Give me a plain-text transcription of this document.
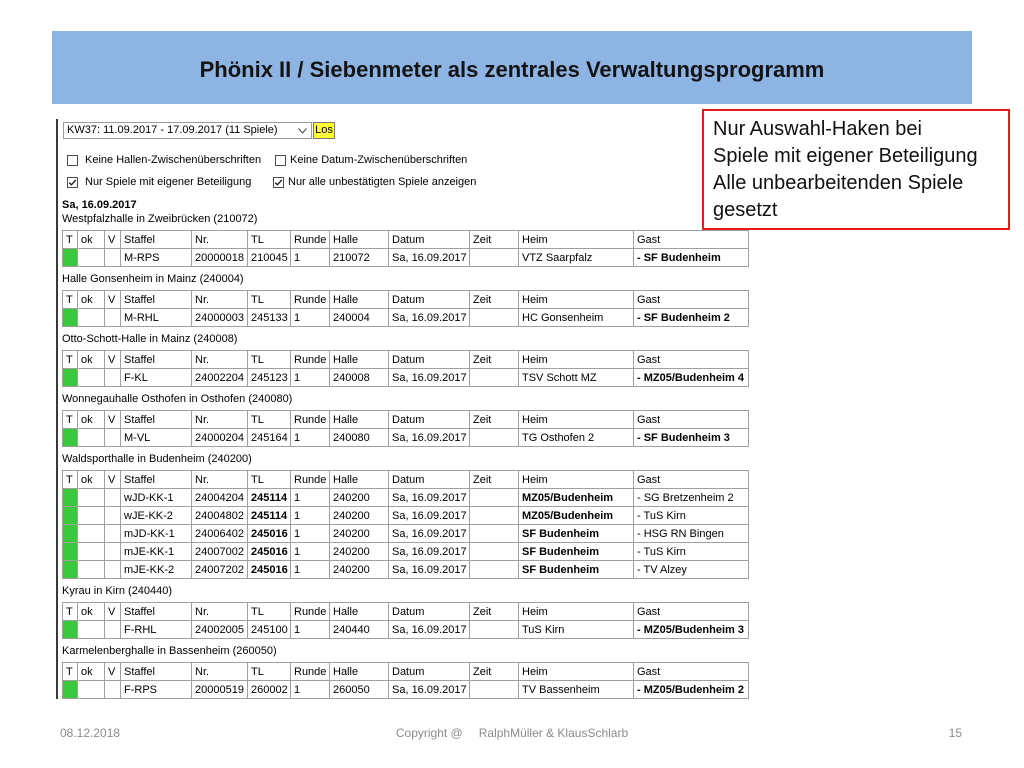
Phönix II / Siebenmeter als zentrales Verwaltungsprogramm
KW37: 11.09.2017 - 17.09.2017 (11 Spiele)	Los
Keine Hallen-Zwischenüberschriften	Keine Datum-Zwischenüberschriften
Nur Spiele mit eigener Beteiligung	Nur alle unbestätigten Spiele anzeigen
Sa, 16.09.2017
Westpfalzhalle in Zweibrücken (210072)
T	ok	V	Staffel	Nr.	TL	Runde	Halle	Datum	Zeit	Heim	Gast
			M-RPS	20000018	210045	1	210072	Sa, 16.09.2017		VTZ Saarpfalz	- SF Budenheim
Halle Gonsenheim in Mainz (240004)
T	ok	V	Staffel	Nr.	TL	Runde	Halle	Datum	Zeit	Heim	Gast
			M-RHL	24000003	245133	1	240004	Sa, 16.09.2017		HC Gonsenheim	- SF Budenheim 2
Otto-Schott-Halle in Mainz (240008)
T	ok	V	Staffel	Nr.	TL	Runde	Halle	Datum	Zeit	Heim	Gast
			F-KL	24002204	245123	1	240008	Sa, 16.09.2017		TSV Schott MZ	- MZ05/Budenheim 4
Wonnegauhalle Osthofen in Osthofen (240080)
T	ok	V	Staffel	Nr.	TL	Runde	Halle	Datum	Zeit	Heim	Gast
			M-VL	24000204	245164	1	240080	Sa, 16.09.2017		TG Osthofen 2	- SF Budenheim 3
Waldsporthalle in Budenheim (240200)
T	ok	V	Staffel	Nr.	TL	Runde	Halle	Datum	Zeit	Heim	Gast
			wJD-KK-1	24004204	245114	1	240200	Sa, 16.09.2017		MZ05/Budenheim	- SG Bretzenheim 2
			wJE-KK-2	24004802	245114	1	240200	Sa, 16.09.2017		MZ05/Budenheim	- TuS Kirn
			mJD-KK-1	24006402	245016	1	240200	Sa, 16.09.2017		SF Budenheim	- HSG RN Bingen
			mJE-KK-1	24007002	245016	1	240200	Sa, 16.09.2017		SF Budenheim	- TuS Kirn
			mJE-KK-2	24007202	245016	1	240200	Sa, 16.09.2017		SF Budenheim	- TV Alzey
Kyrau in Kirn (240440)
T	ok	V	Staffel	Nr.	TL	Runde	Halle	Datum	Zeit	Heim	Gast
			F-RHL	24002005	245100	1	240440	Sa, 16.09.2017		TuS Kirn	- MZ05/Budenheim 3
Karmelenberghalle in Bassenheim (260050)
T	ok	V	Staffel	Nr.	TL	Runde	Halle	Datum	Zeit	Heim	Gast
			F-RPS	20000519	260002	1	260050	Sa, 16.09.2017		TV Bassenheim	- MZ05/Budenheim 2
Nur Auswahl-Haken bei
Spiele mit eigener Beteiligung
Alle unbearbeitenden Spiele
gesetzt
08.12.2018	Copyright @ RalphMüller & KlausSchlarb	15
